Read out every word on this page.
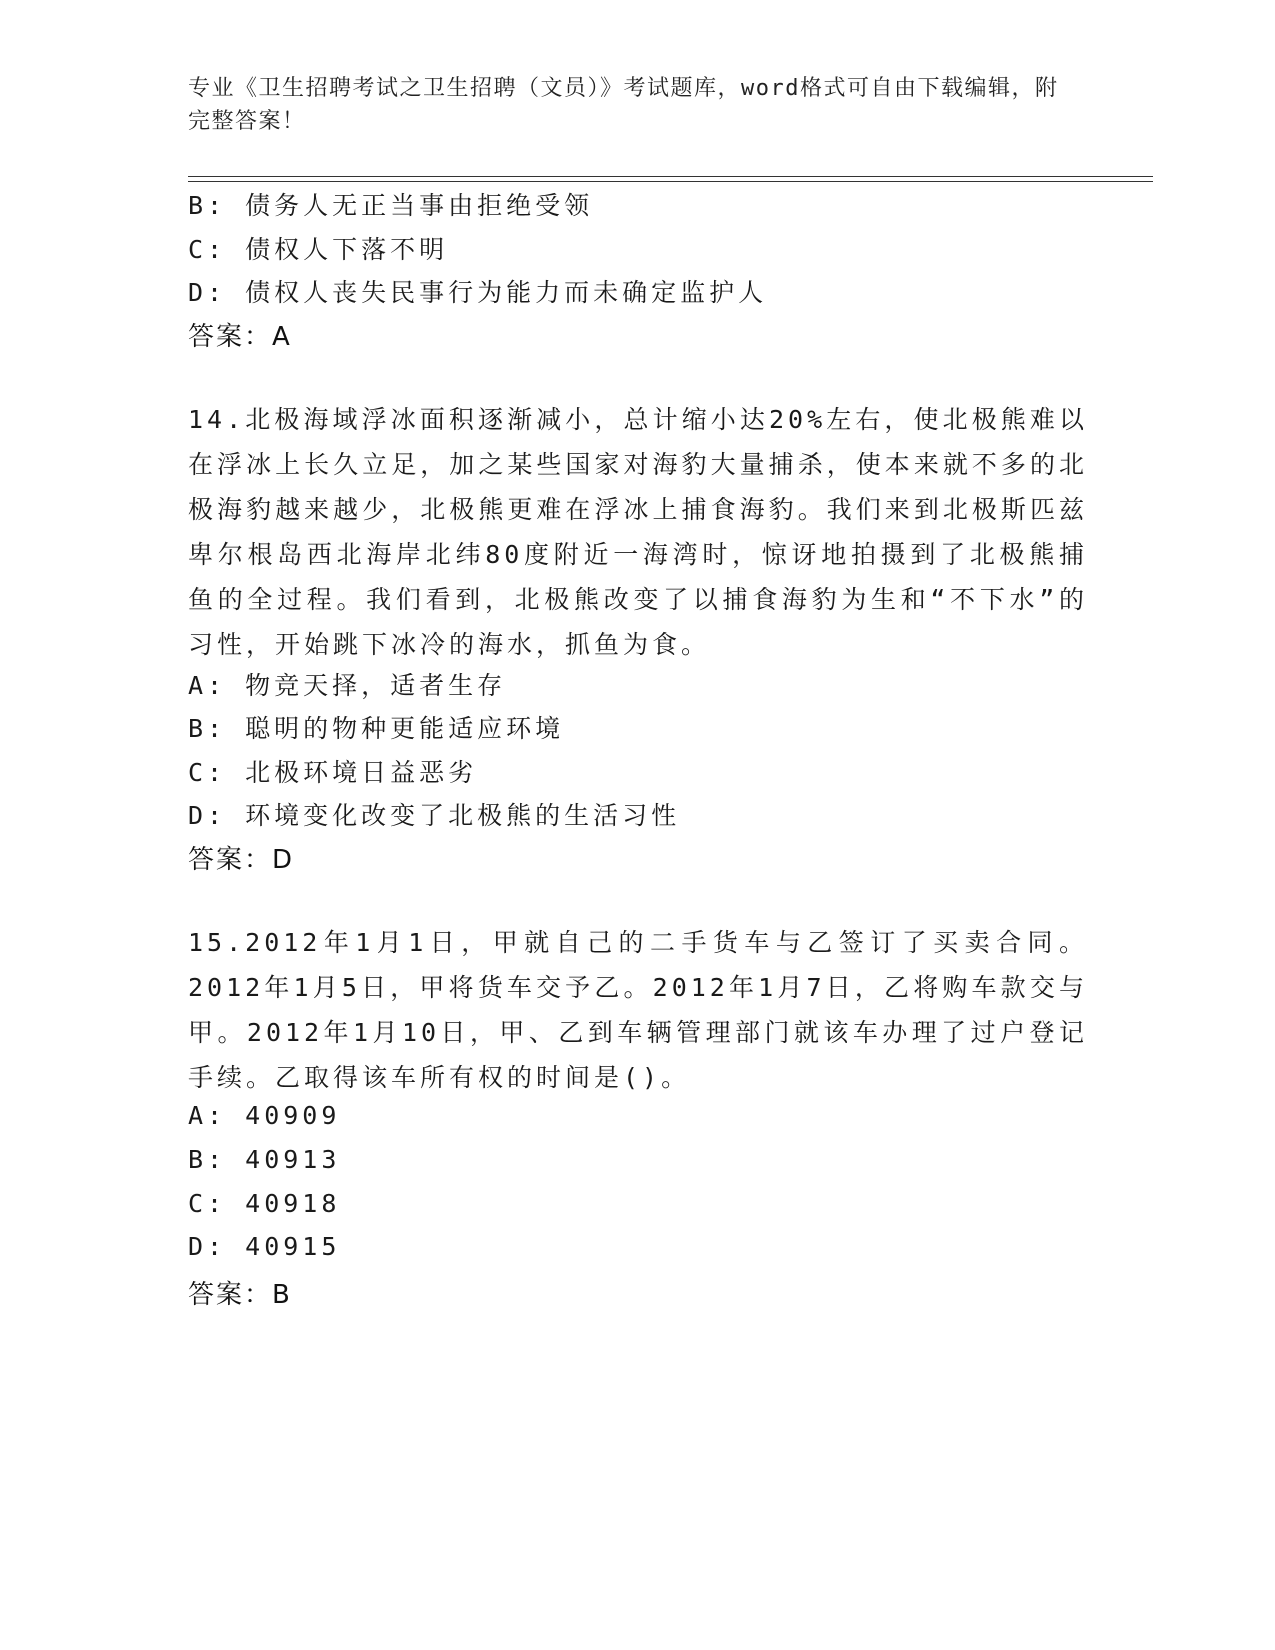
专业《卫生招聘考试之卫生招聘（文员）》考试题库，word格式可自由下载编辑，附完整答案！
B: 债务人无正当事由拒绝受领
C: 债权人下落不明
D: 债权人丧失民事行为能力而未确定监护人
答案：A
14.北极海域浮冰面积逐渐减小，总计缩小达20%左右，使北极熊难以在浮冰上长久立足，加之某些国家对海豹大量捕杀，使本来就不多的北极海豹越来越少，北极熊更难在浮冰上捕食海豹。我们来到北极斯匹兹卑尔根岛西北海岸北纬80度附近一海湾时，惊讶地拍摄到了北极熊捕鱼的全过程。我们看到，北极熊改变了以捕食海豹为生和“不下水”的习性，开始跳下冰冷的海水，抓鱼为食。
A: 物竞天择，适者生存
B: 聪明的物种更能适应环境
C: 北极环境日益恶劣
D: 环境变化改变了北极熊的生活习性
答案：D
15.2012年1月1日，甲就自己的二手货车与乙签订了买卖合同。2012年1月5日，甲将货车交予乙。2012年1月7日，乙将购车款交与甲。2012年1月10日，甲、乙到车辆管理部门就该车办理了过户登记手续。乙取得该车所有权的时间是()。
A: 40909
B: 40913
C: 40918
D: 40915
答案：B
